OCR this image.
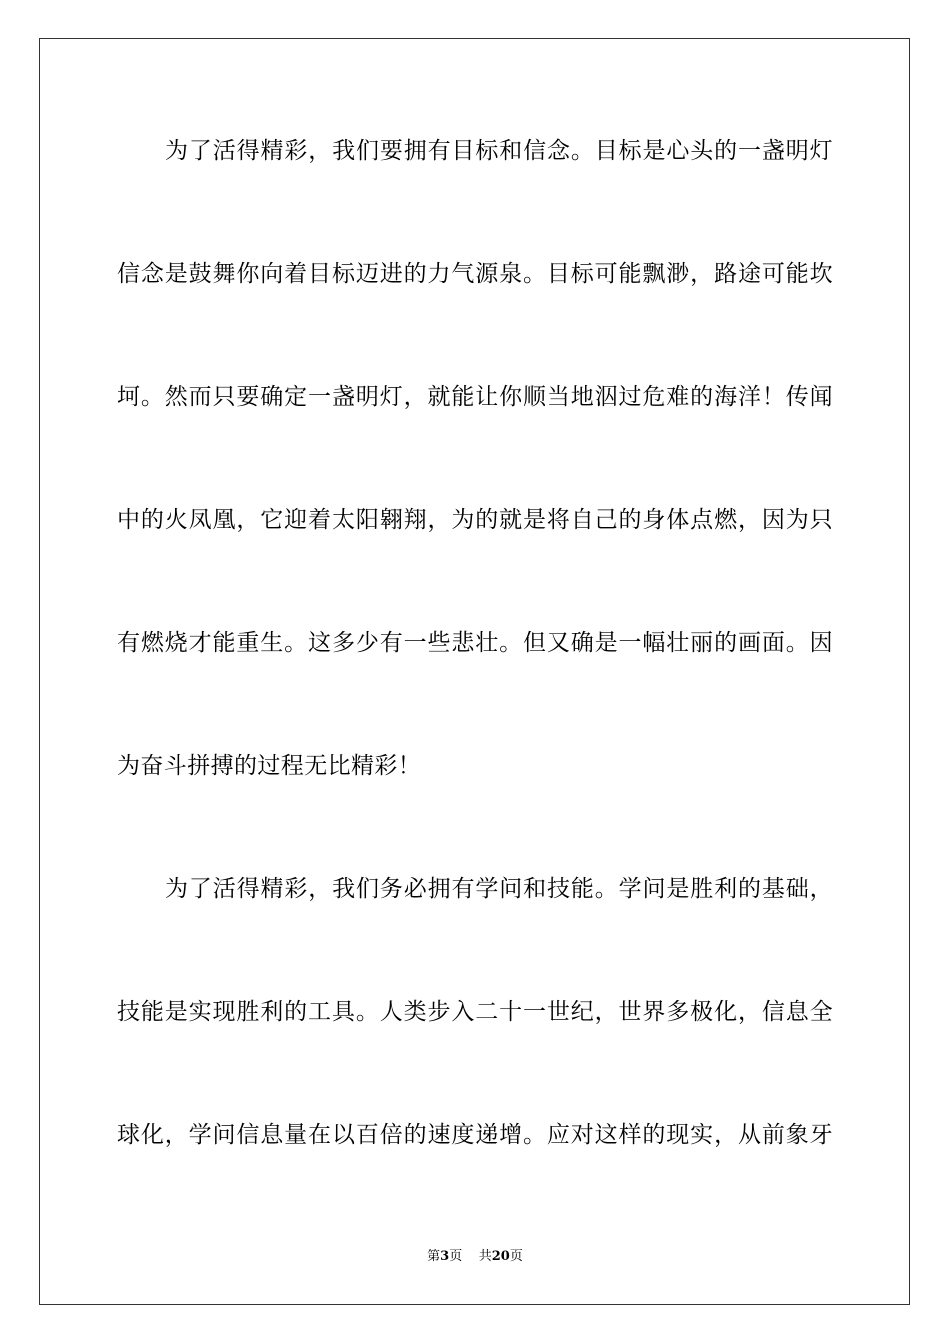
为了活得精彩，我们要拥有目标和信念。目标是心头的一盏明灯
信念是鼓舞你向着目标迈进的力气源泉。目标可能飘渺，路途可能坎
坷。然而只要确定一盏明灯，就能让你顺当地泅过危难的海洋！传闻
中的火凤凰，它迎着太阳翱翔，为的就是将自己的身体点燃，因为只
有燃烧才能重生。这多少有一些悲壮。但又确是一幅壮丽的画面。因
为奋斗拼搏的过程无比精彩！
为了活得精彩，我们务必拥有学问和技能。学问是胜利的基础，
技能是实现胜利的工具。人类步入二十一世纪，世界多极化，信息全
球化，学问信息量在以百倍的速度递增。应对这样的现实，从前象牙
第3页 共20页
